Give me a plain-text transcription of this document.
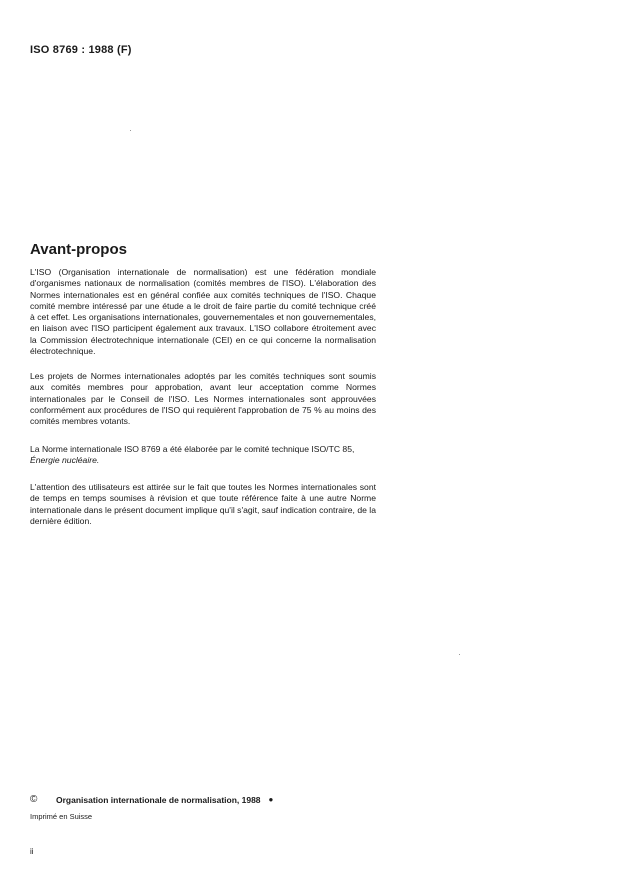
ISO 8769 : 1988 (F)
Avant-propos

L'ISO (Organisation internationale de normalisation) est une fédération mondiale d'organismes nationaux de normalisation (comités membres de l'ISO). L'élaboration des Normes internationales est en général confiée aux comités techniques de l'ISO. Chaque comité membre intéressé par une étude a le droit de faire partie du comité technique créé à cet effet. Les organisations internationales, gouvernementales et non gouvernementales, en liaison avec l'ISO participent également aux travaux. L'ISO collabore étroitement avec la Commission électrotechnique internationale (CEI) en ce qui concerne la normalisation électrotechnique.

Les projets de Normes internationales adoptés par les comités techniques sont soumis aux comités membres pour approbation, avant leur acceptation comme Normes internationales par le Conseil de l'ISO. Les Normes internationales sont approuvées conformément aux procédures de l'ISO qui requièrent l'approbation de 75 % au moins des comités membres votants.

La Norme internationale ISO 8769 a été élaborée par le comité technique ISO/TC 85,
Énergie nucléaire.

L'attention des utilisateurs est attirée sur le fait que toutes les Normes internationales sont de temps en temps soumises à révision et que toute référence faite à une autre Norme internationale dans le présent document implique qu'il s'agit, sauf indication contraire, de la dernière édition.

©	Organisation internationale de normalisation, 1988 ●
Imprimé en Suisse
ii
